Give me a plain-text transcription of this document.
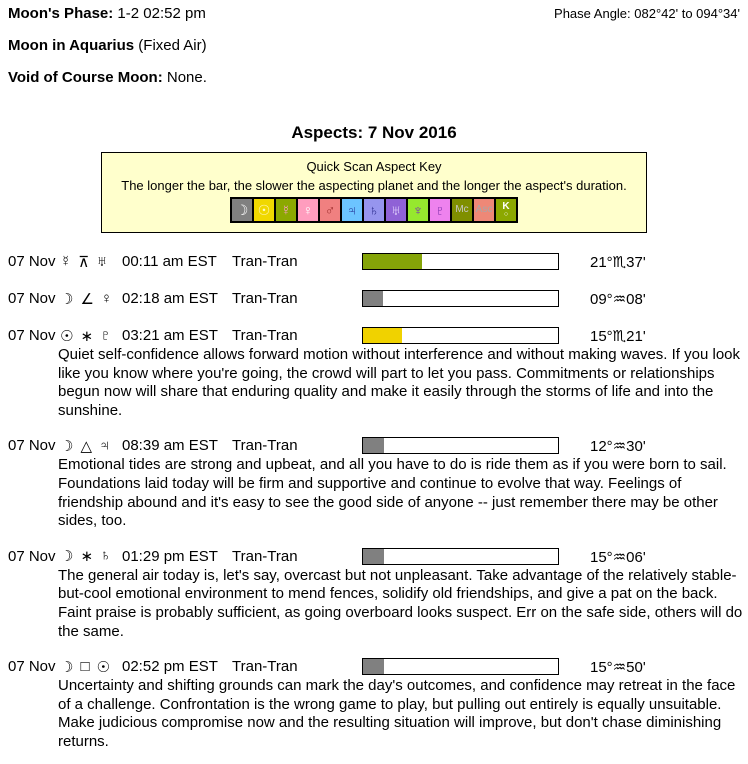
Moon's Phase: 1-2 02:52 pm	Phase Angle: 082°42' to 094°34'
Moon in Aquarius (Fixed Air)
Void of Course Moon: None.
Aspects: 7 Nov 2016
Quick Scan Aspect Key
The longer the bar, the slower the aspecting planet and the longer the aspect's duration.
☽ ☉ ☿ ♀ ♂ ♃ ♄ ♅ ♆ ♇	Mc Asc K
○
07 Nov ☿ ⊼ ♅ 00:11 am EST	Tran-Tran	21°♏37'
07 Nov ☽ ∠ ♀ 02:18 am EST Tran-Tran	09°♒08'
07 Nov ☉ ∗ ♇ 03:21 am EST Tran-Tran	15°♏21'
Quiet self-confidence allows forward motion without interference and without making waves. If you look like you know where you're going, the crowd will part to let you pass. Commitments or relationships begun now will share that enduring quality and make it easily through the storms of life and into the sunshine.
07 Nov ☽ △ ♃ 08:39 am EST Tran-Tran	12°♒30'
Emotional tides are strong and upbeat, and all you have to do is ride them as if you were born to sail. Foundations laid today will be firm and supportive and continue to evolve that way. Feelings of friendship abound and it's easy to see the good side of anyone -- just remember there may be other sides, too.
07 Nov ☽ ∗ ♄ 01:29 pm EST Tran-Tran	15°♒06'
The general air today is, let's say, overcast but not unpleasant. Take advantage of the relatively stable-but-cool emotional environment to mend fences, solidify old friendships, and give a pat on the back. Faint praise is probably sufficient, as going overboard looks suspect. Err on the safe side, others will do the same.
07 Nov ☽ □ ☉ 02:52 pm EST Tran-Tran	15°♒50'
Uncertainty and shifting grounds can mark the day's outcomes, and confidence may retreat in the face of a challenge. Confrontation is the wrong game to play, but pulling out entirely is equally unsuitable. Make judicious compromise now and the resulting situation will improve, but don't chase diminishing returns.
